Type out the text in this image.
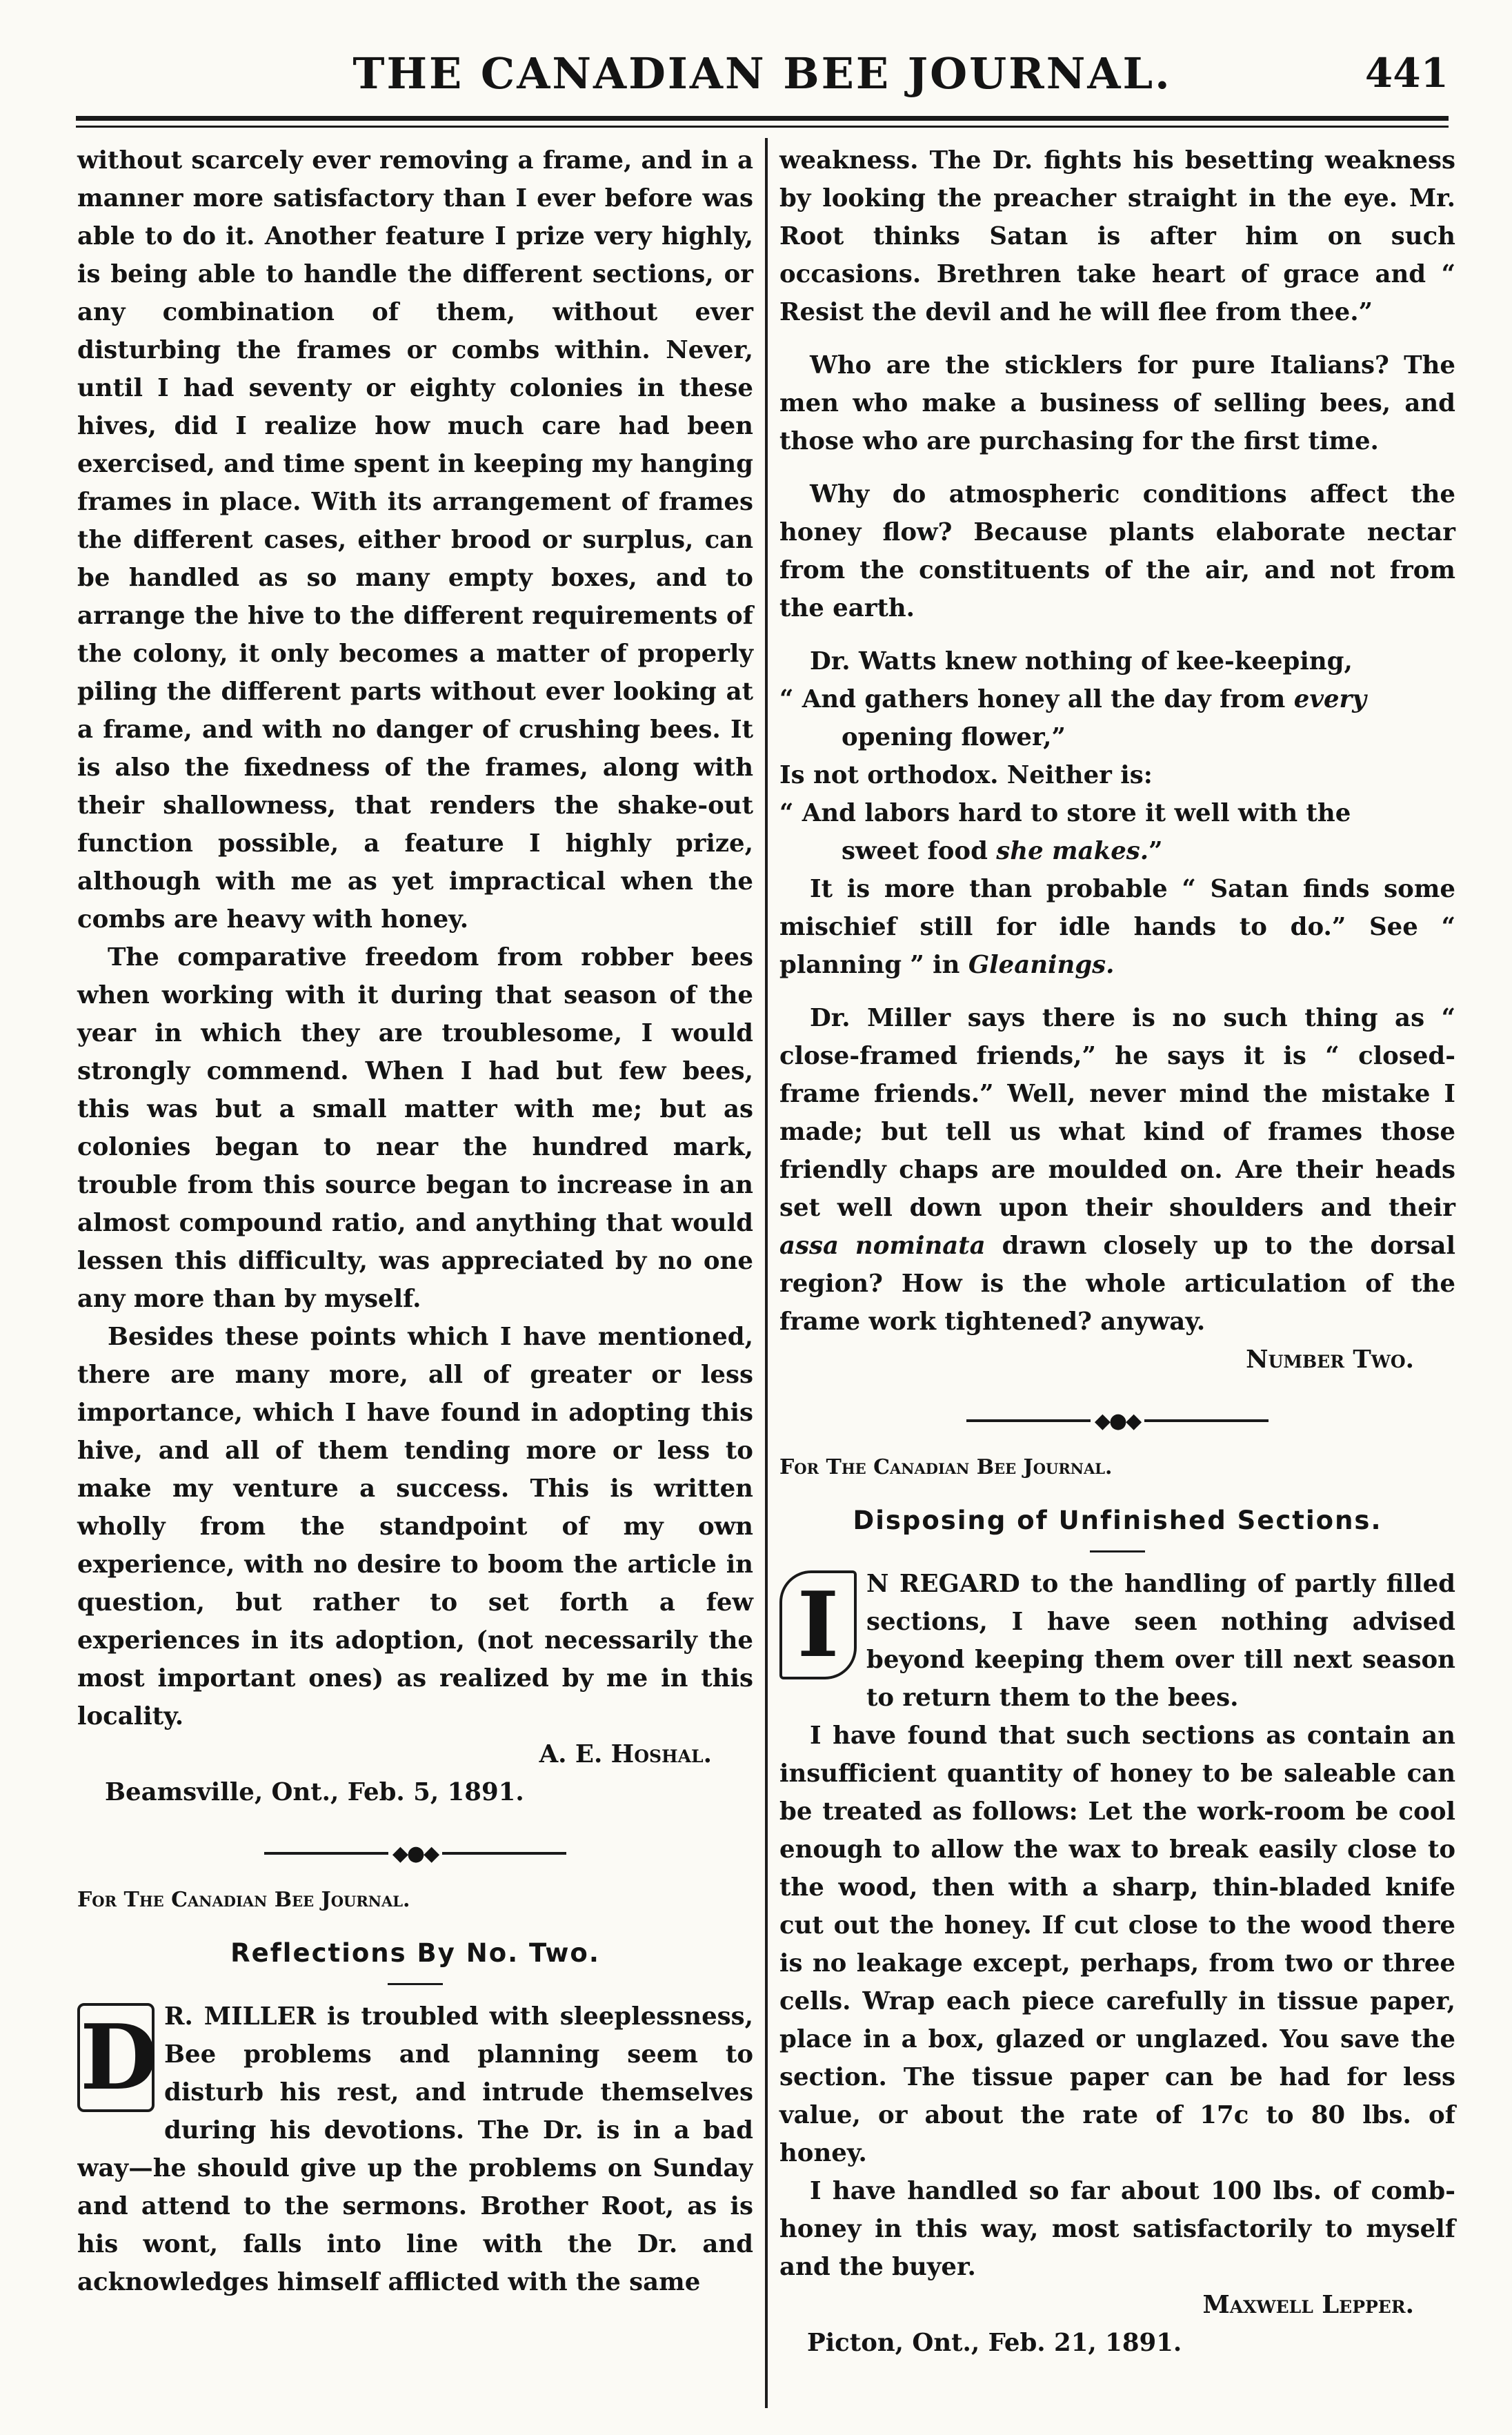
THE CANADIAN BEE JOURNAL.	441

without scarcely ever removing a frame, and in a manner more satisfactory than I ever before was able to do it. Another feature I prize very highly, is being able to handle the different sections, or any combination of them, without ever disturbing the frames or combs within. Never, until I had seventy or eighty colonies in these hives, did I realize how much care had been exercised, and time spent in keeping my hanging frames in place. With its arrangement of frames the different cases, either brood or surplus, can be handled as so many empty boxes, and to arrange the hive to the different requirements of the colony, it only becomes a matter of properly piling the different parts without ever looking at a frame, and with no danger of crushing bees. It is also the fixedness of the frames, along with their shallowness, that renders the shake-out function possible, a feature I highly prize, although with me as yet impractical when the combs are heavy with honey.

The comparative freedom from robber bees when working with it during that season of the year in which they are troublesome, I would strongly commend. When I had but few bees, this was but a small matter with me; but as colonies began to near the hundred mark, trouble from this source began to increase in an almost compound ratio, and anything that would lessen this difficulty, was appreciated by no one any more than by myself.

Besides these points which I have mentioned, there are many more, all of greater or less importance, which I have found in adopting this hive, and all of them tending more or less to make my venture a success. This is written wholly from the standpoint of my own experience, with no desire to boom the article in question, but rather to set forth a few experiences in its adoption, (not necessarily the most important ones) as realized by me in this locality.

A. E. Hoshal.

Beamsville, Ont., Feb. 5, 1891.

◆●◆

For The Canadian Bee Journal.

Reflections By No. Two.
D R. MILLER is troubled with sleeplessness, Bee problems and planning seem to disturb his rest, and intrude themselves during his devotions. The Dr. is in a bad way—he should give up the problems on Sunday and attend to the sermons. Brother Root, as is his wont, falls into line with the Dr. and acknowledges himself afflicted with the same

weakness. The Dr. fights his besetting weakness by looking the preacher straight in the eye. Mr. Root thinks Satan is after him on such occasions. Brethren take heart of grace and “ Resist the devil and he will flee from thee.”

Who are the sticklers for pure Italians? The men who make a business of selling bees, and those who are purchasing for the first time.

Why do atmospheric conditions affect the honey flow? Because plants elaborate nectar from the constituents of the air, and not from the earth.

Dr. Watts knew nothing of kee-keeping,

“ And gathers honey all the day from every

opening flower,”

Is not orthodox. Neither is:

“ And labors hard to store it well with the

sweet food she makes.”

It is more than probable “ Satan finds some mischief still for idle hands to do.” See “ planning ” in Gleanings.

Dr. Miller says there is no such thing as “ close-framed friends,” he says it is “ closed-frame friends.” Well, never mind the mistake I made; but tell us what kind of frames those friendly chaps are moulded on. Are their heads set well down upon their shoulders and their assa nominata drawn closely up to the dorsal region? How is the whole articulation of the frame work tightened? anyway.

Number Two.

◆●◆

For The Canadian Bee Journal.

Disposing of Unfinished Sections.
I	N REGARD to the handling of partly filled sections, I have seen nothing advised beyond keeping them over till next season to return them to the bees.

I have found that such sections as contain an insufficient quantity of honey to be saleable can be treated as follows: Let the work-room be cool enough to allow the wax to break easily close to the wood, then with a sharp, thin-bladed knife cut out the honey. If cut close to the wood there is no leakage except, perhaps, from two or three cells. Wrap each piece carefully in tissue paper, place in a box, glazed or unglazed. You save the section. The tissue paper can be had for less value, or about the rate of 17c to 80 lbs. of honey.

I have handled so far about 100 lbs. of comb-honey in this way, most satisfactorily to myself and the buyer.

Maxwell Lepper.

Picton, Ont., Feb. 21, 1891.
